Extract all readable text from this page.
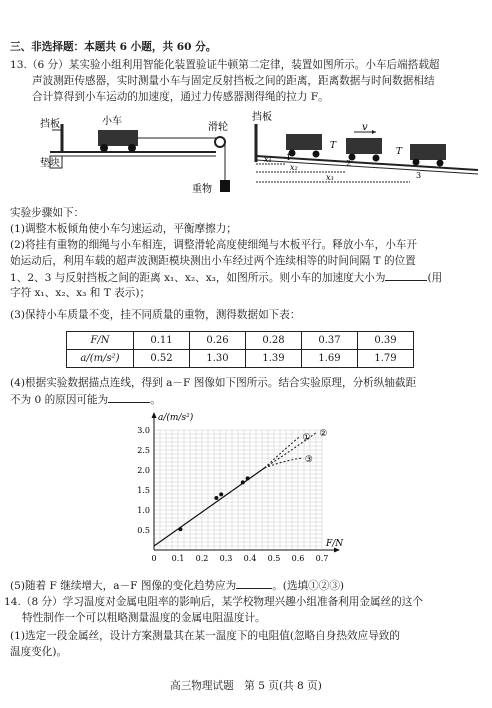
三、非选择题：本题共 6 小题，共 60 分。
13.（6 分）某实验小组利用智能化装置验证牛顿第二定律，装置如图所示。小车后端搭载超
声波测距传感器，实时测量小车与固定反射挡板之间的距离，距离数据与时间数据相结
合计算得到小车运动的加速度，通过力传感器测得绳的拉力 F。
挡板
垫块
小车
滑轮
重物
挡板
v
T
T
x₁
x₂
x₃
1
2
3
实验步骤如下：
(1)调整木板倾角使小车匀速运动，平衡摩擦力；
(2)将挂有重物的细绳与小车相连，调整滑轮高度使细绳与木板平行。释放小车，小车开
始运动后，利用车载的超声波测距模块测出小车经过两个连续相等的时间间隔 T 的位置
1、2、3 与反射挡板之间的距离 x₁、x₂、x₃，如图所示。则小车的加速度大小为	(用
字符 x₁、x₂、x₃ 和 T 表示)；
(3)保持小车质量不变，挂不同质量的重物，测得数据如下表：
F/N	0.11	0.26	0.28	0.37	0.39
a/(m/s²)	0.52	1.30	1.39	1.69	1.79
(4)根据实验数据描点连线，得到 a－F 图像如下图所示。结合实验原理，分析纵轴截距
不为 0 的原因可能为	。
0 0.1 0.2 0.3 0.4 0.5 0.6 0.7
0.5
1.0
1.5
2.0
2.5
3.0
① ②
③
a/(m/s²)
F/N
(5)随着 F 继续增大，a－F 图像的变化趋势应为	。(选填①②③)
14.（8 分）学习温度对金属电阻率的影响后，某学校物理兴趣小组准备利用金属丝的这个
特性制作一个可以粗略测量温度的金属电阻温度计。
(1)选定一段金属丝，设计方案测量其在某一温度下的电阻值(忽略自身热效应导致的
温度变化)。
高三物理试题　第 5 页(共 8 页)
